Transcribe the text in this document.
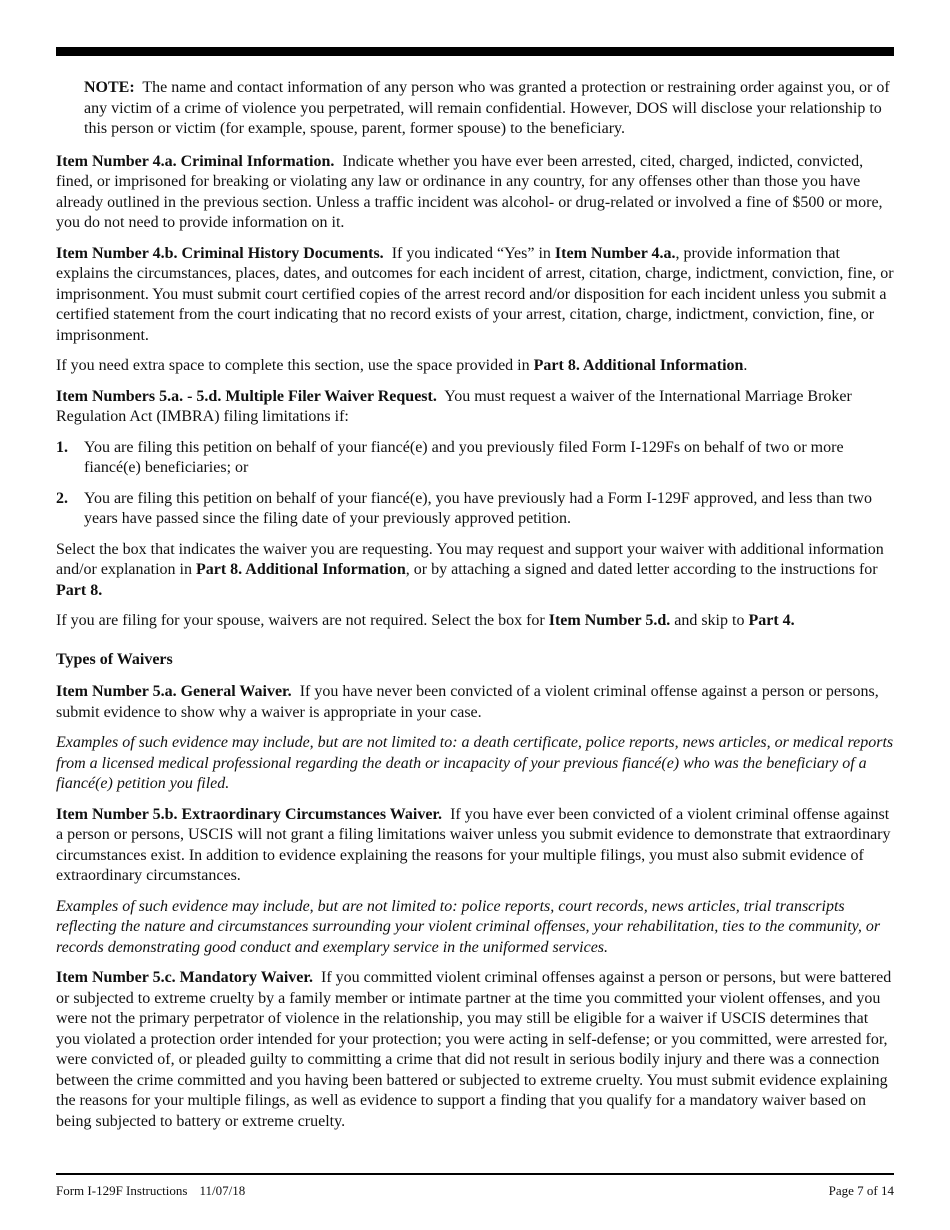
NOTE: The name and contact information of any person who was granted a protection or restraining order against you, or of any victim of a crime of violence you perpetrated, will remain confidential. However, DOS will disclose your relationship to this person or victim (for example, spouse, parent, former spouse) to the beneficiary.

Item Number 4.a. Criminal Information. Indicate whether you have ever been arrested, cited, charged, indicted, convicted, fined, or imprisoned for breaking or violating any law or ordinance in any country, for any offenses other than those you have already outlined in the previous section. Unless a traffic incident was alcohol- or drug-related or involved a fine of $500 or more, you do not need to provide information on it.

Item Number 4.b. Criminal History Documents. If you indicated “Yes” in Item Number 4.a., provide information that explains the circumstances, places, dates, and outcomes for each incident of arrest, citation, charge, indictment, conviction, fine, or imprisonment. You must submit court certified copies of the arrest record and/or disposition for each incident unless you submit a certified statement from the court indicating that no record exists of your arrest, citation, charge, indictment, conviction, fine, or imprisonment.

If you need extra space to complete this section, use the space provided in Part 8. Additional Information.

Item Numbers 5.a. - 5.d. Multiple Filer Waiver Request. You must request a waiver of the International Marriage Broker Regulation Act (IMBRA) filing limitations if:

1.	You are filing this petition on behalf of your fiancé(e) and you previously filed Form I-129Fs on behalf of two or more fiancé(e) beneficiaries; or
2.	You are filing this petition on behalf of your fiancé(e), you have previously had a Form I-129F approved, and less than two years have passed since the filing date of your previously approved petition.

Select the box that indicates the waiver you are requesting. You may request and support your waiver with additional information and/or explanation in Part 8. Additional Information, or by attaching a signed and dated letter according to the instructions for Part 8.

If you are filing for your spouse, waivers are not required. Select the box for Item Number 5.d. and skip to Part 4.

Types of Waivers

Item Number 5.a. General Waiver. If you have never been convicted of a violent criminal offense against a person or persons, submit evidence to show why a waiver is appropriate in your case.

Examples of such evidence may include, but are not limited to: a death certificate, police reports, news articles, or medical reports from a licensed medical professional regarding the death or incapacity of your previous fiancé(e) who was the beneficiary of a fiancé(e) petition you filed.

Item Number 5.b. Extraordinary Circumstances Waiver. If you have ever been convicted of a violent criminal offense against a person or persons, USCIS will not grant a filing limitations waiver unless you submit evidence to demonstrate that extraordinary circumstances exist. In addition to evidence explaining the reasons for your multiple filings, you must also submit evidence of extraordinary circumstances.

Examples of such evidence may include, but are not limited to: police reports, court records, news articles, trial transcripts reflecting the nature and circumstances surrounding your violent criminal offenses, your rehabilitation, ties to the community, or records demonstrating good conduct and exemplary service in the uniformed services.

Item Number 5.c. Mandatory Waiver. If you committed violent criminal offenses against a person or persons, but were battered or subjected to extreme cruelty by a family member or intimate partner at the time you committed your violent offenses, and you were not the primary perpetrator of violence in the relationship, you may still be eligible for a waiver if USCIS determines that you violated a protection order intended for your protection; you were acting in self-defense; or you committed, were arrested for, were convicted of, or pleaded guilty to committing a crime that did not result in serious bodily injury and there was a connection between the crime committed and you having been battered or subjected to extreme cruelty. You must submit evidence explaining the reasons for your multiple filings, as well as evidence to support a finding that you qualify for a mandatory waiver based on being subjected to battery or extreme cruelty.

Form I-129F Instructions 11/07/18	Page 7 of 14
